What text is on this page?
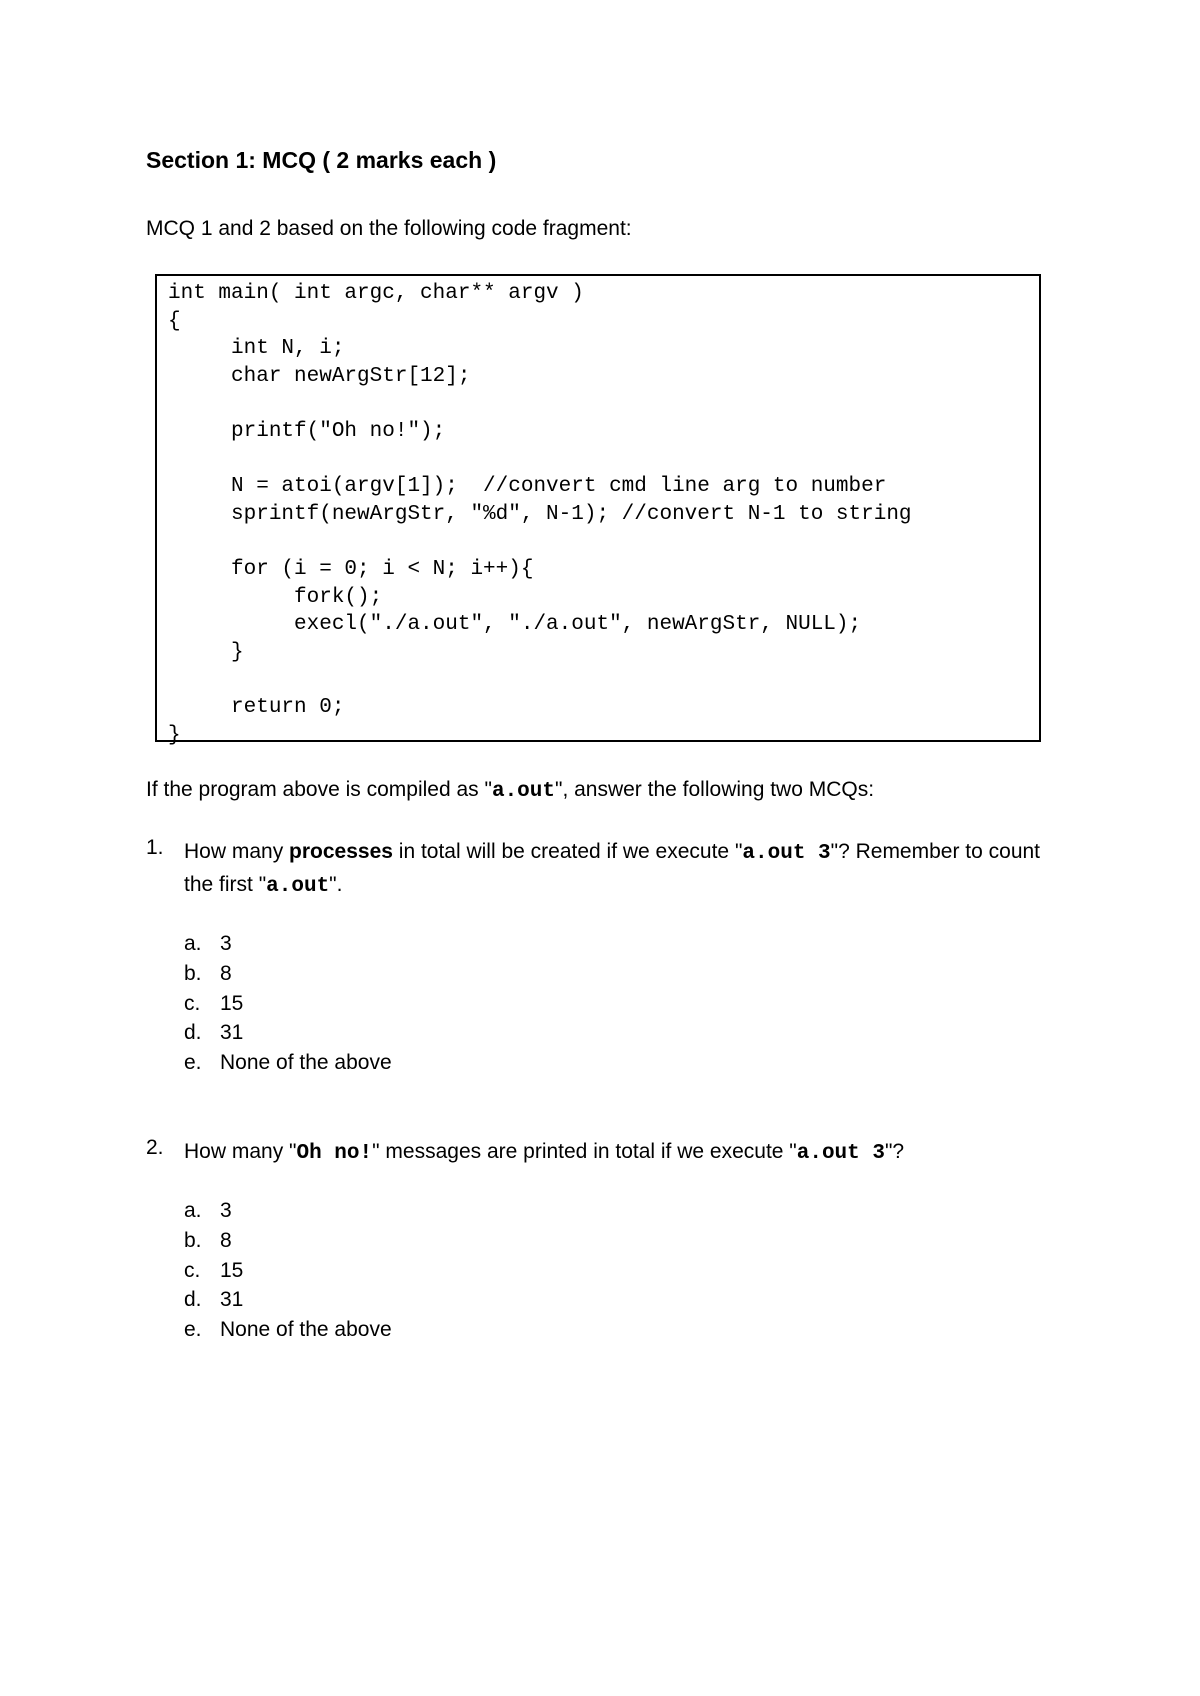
Section 1: MCQ ( 2 marks each )
MCQ 1 and 2 based on the following code fragment:
int main( int argc, char** argv )
{
int N, i;
char newArgStr[12];

printf("Oh no!");

N = atoi(argv[1]);  //convert cmd line arg to number
sprintf(newArgStr, "%d", N-1); //convert N-1 to string

for (i = 0; i < N; i++){
fork();
execl("./a.out", "./a.out", newArgStr, NULL);
}

return 0;
}
If the program above is compiled as "a.out", answer the following two MCQs:
1. How many processes in total will be created if we execute "a.out 3"? Remember to count the first "a.out".
a. 3
b. 8
c. 15
d. 31
e. None of the above
2. How many "Oh no!" messages are printed in total if we execute "a.out 3"?
a. 3
b. 8
c. 15
d. 31
e. None of the above
